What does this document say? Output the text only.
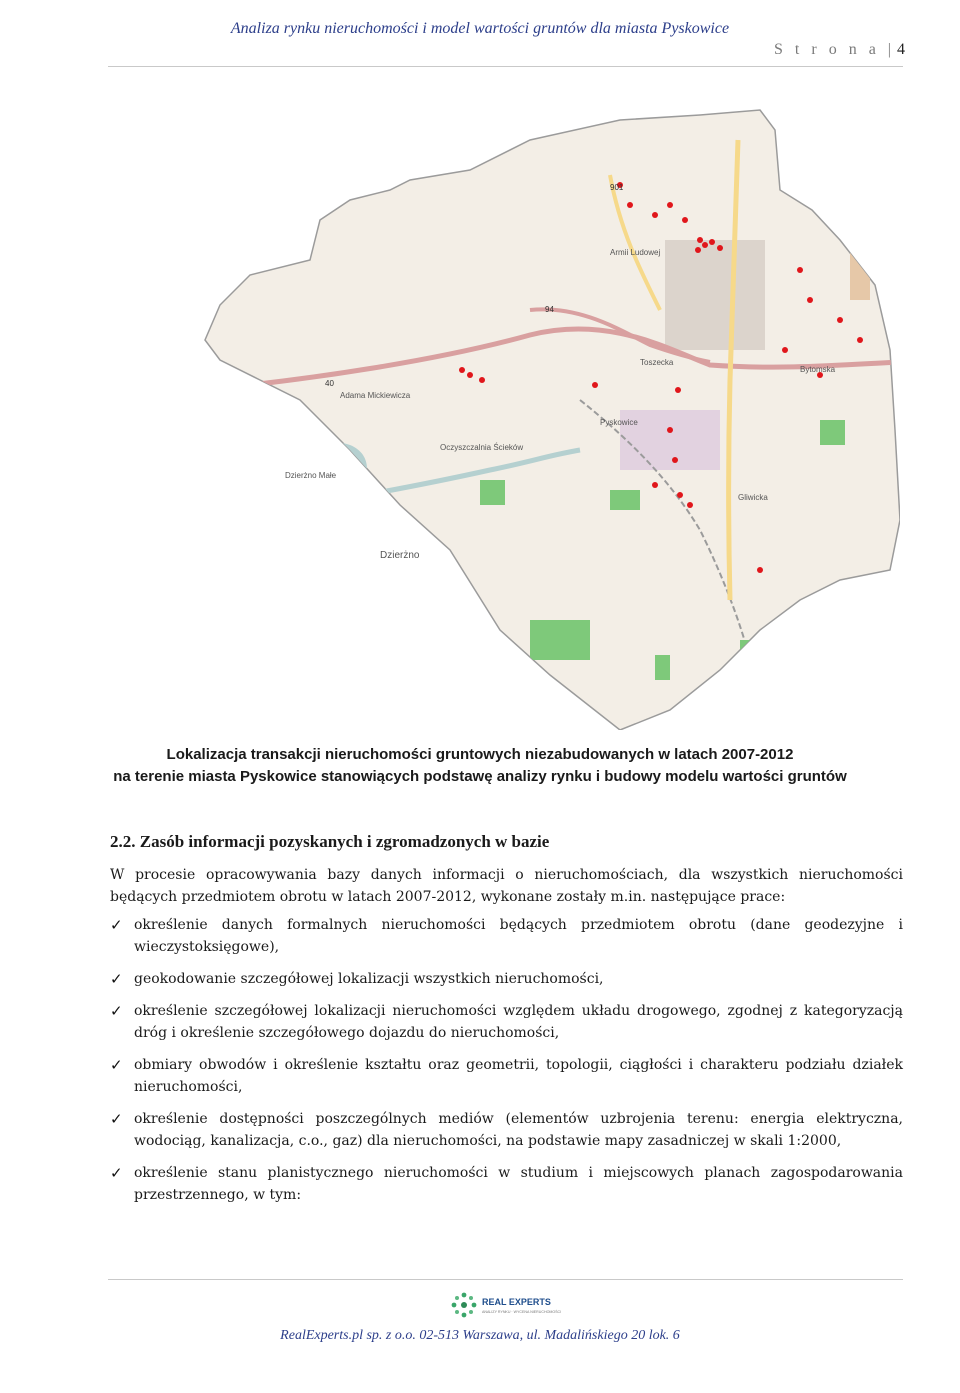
Analiza rynku nieruchomości i model wartości gruntów dla miasta Pyskowice
S t r o n a | 4
Dzierżno Małe
Dzierżno
Oczyszczalnia Ścieków
Pyskowice
40
94
901
Adama Mickiewicza
Bytomska
Gliwicka
Toszecka
Armii Ludowej
Lokalizacja transakcji nieruchomości gruntowych niezabudowanych w latach 2007-2012
na terenie miasta Pyskowice stanowiących podstawę analizy rynku i budowy modelu wartości gruntów
2.2. Zasób informacji pozyskanych i zgromadzonych w bazie
W procesie opracowywania bazy danych informacji o nieruchomościach, dla wszystkich nieruchomości będących przedmiotem obrotu w latach 2007-2012, wykonane zostały m.in. następujące prace:
✓ określenie danych formalnych nieruchomości będących przedmiotem obrotu (dane geodezyjne i wieczystoksięgowe),
✓ geokodowanie szczegółowej lokalizacji wszystkich nieruchomości,
✓ określenie szczegółowej lokalizacji nieruchomości względem układu drogowego, zgodnej z kategoryzacją dróg i określenie szczegółowego dojazdu do nieruchomości,
✓ obmiary obwodów i określenie kształtu oraz geometrii, topologii, ciągłości i charakteru podziału działek nieruchomości,
✓ określenie dostępności poszczególnych mediów (elementów uzbrojenia terenu: energia elektryczna, wodociąg, kanalizacja, c.o., gaz) dla nieruchomości, na podstawie mapy zasadniczej w skali 1:2000,
✓ określenie stanu planistycznego nieruchomości w studium i miejscowych planach zagospodarowania przestrzennego, w tym:
REAL EXPERTS
ANALIZY RYNKU · WYCENA NIERUCHOMOŚCI
RealExperts.pl sp. z o.o. 02-513 Warszawa, ul. Madalińskiego 20 lok. 6
